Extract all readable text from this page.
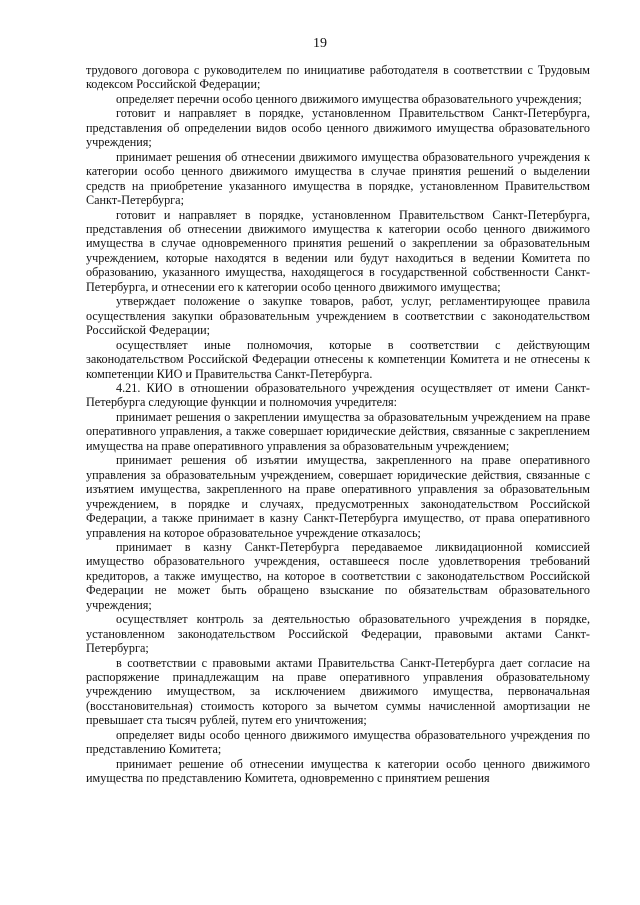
19

трудового договора с руководителем по инициативе работодателя в соответствии с Трудовым кодексом Российской Федерации;

определяет перечни особо ценного движимого имущества образовательного учреждения;

готовит и направляет в порядке, установленном Правительством Санкт-Петербурга, представления об определении видов особо ценного движимого имущества образовательного учреждения;

принимает решения об отнесении движимого имущества образовательного учреждения к категории особо ценного движимого имущества в случае принятия решений о выделении средств на приобретение указанного имущества в порядке, установленном Правительством Санкт-Петербурга;

готовит и направляет в порядке, установленном Правительством Санкт-Петербурга, представления об отнесении движимого имущества к категории особо ценного движимого имущества в случае одновременного принятия решений о закреплении за образовательным учреждением, которые находятся в ведении или будут находиться в ведении Комитета по образованию, указанного имущества, находящегося в государственной собственности Санкт-Петербурга, и отнесении его к категории особо ценного движимого имущества;

утверждает положение о закупке товаров, работ, услуг, регламентирующее правила осуществления закупки образовательным учреждением в соответствии с законодательством Российской Федерации;

осуществляет иные полномочия, которые в соответствии с действующим законодательством Российской Федерации отнесены к компетенции Комитета и не отнесены к компетенции КИО и Правительства Санкт-Петербурга.

4.21. КИО в отношении образовательного учреждения осуществляет от имени Санкт-Петербурга следующие функции и полномочия учредителя:

принимает решения о закреплении имущества за образовательным учреждением на праве оперативного управления, а также совершает юридические действия, связанные с закреплением имущества на праве оперативного управления за образовательным учреждением;

принимает решения об изъятии имущества, закрепленного на праве оперативного управления за образовательным учреждением, совершает юридические действия, связанные с изъятием имущества, закрепленного на праве оперативного управления за образовательным учреждением, в порядке и случаях, предусмотренных законодательством Российской Федерации, а также принимает в казну Санкт-Петербурга имущество, от права оперативного управления на которое образовательное учреждение отказалось;

принимает в казну Санкт-Петербурга передаваемое ликвидационной комиссией имущество образовательного учреждения, оставшееся после удовлетворения требований кредиторов, а также имущество, на которое в соответствии с законодательством Российской Федерации не может быть обращено взыскание по обязательствам образовательного учреждения;

осуществляет контроль за деятельностью образовательного учреждения в порядке, установленном законодательством Российской Федерации, правовыми актами Санкт-Петербурга;

в соответствии с правовыми актами Правительства Санкт-Петербурга дает согласие на распоряжение принадлежащим на праве оперативного управления образовательному учреждению имуществом, за исключением движимого имущества, первоначальная (восстановительная) стоимость которого за вычетом суммы начисленной амортизации не превышает ста тысяч рублей, путем его уничтожения;

определяет виды особо ценного движимого имущества образовательного учреждения по представлению Комитета;

принимает решение об отнесении имущества к категории особо ценного движимого имущества по представлению Комитета, одновременно с принятием решения
